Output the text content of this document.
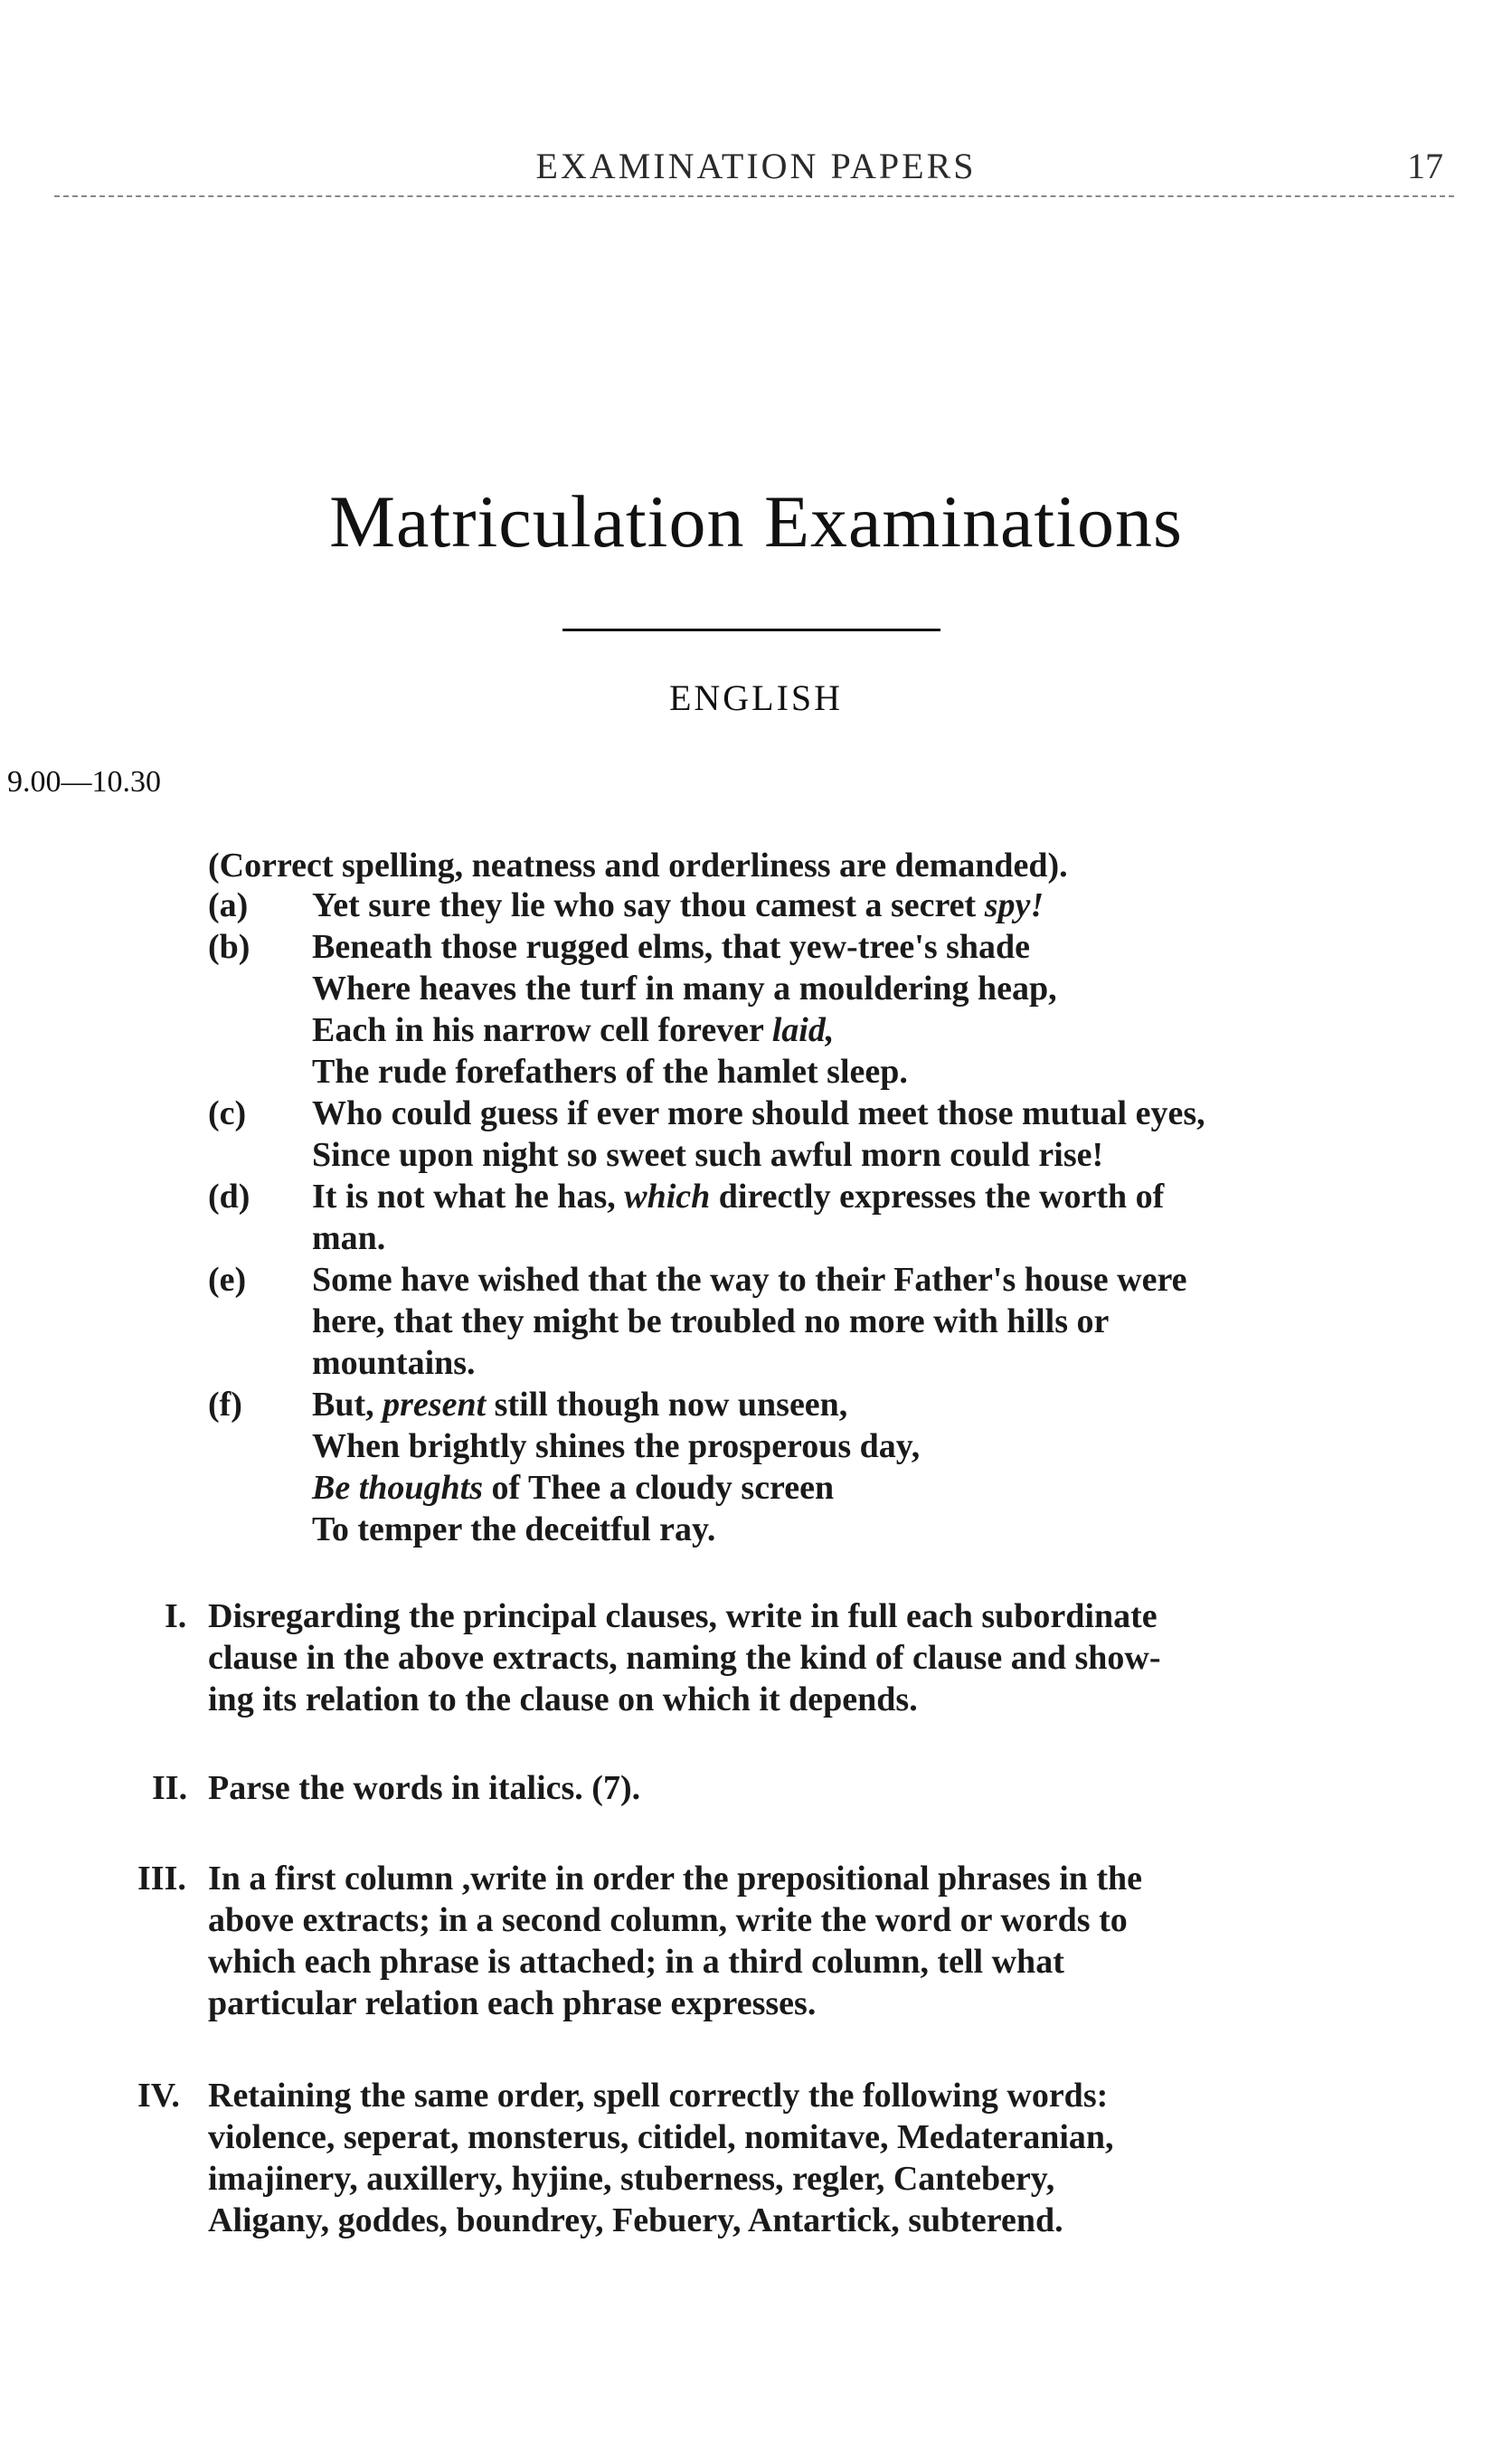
EXAMINATION PAPERS	17
Matriculation Examinations
ENGLISH
9.00—10.30
(Correct spelling, neatness and orderliness are demanded).
(a) Yet sure they lie who say thou camest a secret spy!
(b) Beneath those rugged elms, that yew-tree's shade
Where heaves the turf in many a mouldering heap,
Each in his narrow cell forever laid,
The rude forefathers of the hamlet sleep.
(c) Who could guess if ever more should meet those mutual eyes,
Since upon night so sweet such awful morn could rise!
(d) It is not what he has, which directly expresses the worth of
man.
(e) Some have wished that the way to their Father's house were
here, that they might be troubled no more with hills or
mountains.
(f) But, present still though now unseen,
When brightly shines the prosperous day,
Be thoughts of Thee a cloudy screen
To temper the deceitful ray.
I. Disregarding the principal clauses, write in full each subordinate
clause in the above extracts, naming the kind of clause and show-
ing its relation to the clause on which it depends.
II. Parse the words in italics. (7).
III. In a first column ,write in order the prepositional phrases in the
above extracts; in a second column, write the word or words to
which each phrase is attached; in a third column, tell what
particular relation each phrase expresses.
IV. Retaining the same order, spell correctly the following words:
violence, seperat, monsterus, citidel, nomitave, Medateranian,
imajinery, auxillery, hyjine, stuberness, regler, Cantebery,
Aligany, goddes, boundrey, Febuery, Antartick, subterend.
